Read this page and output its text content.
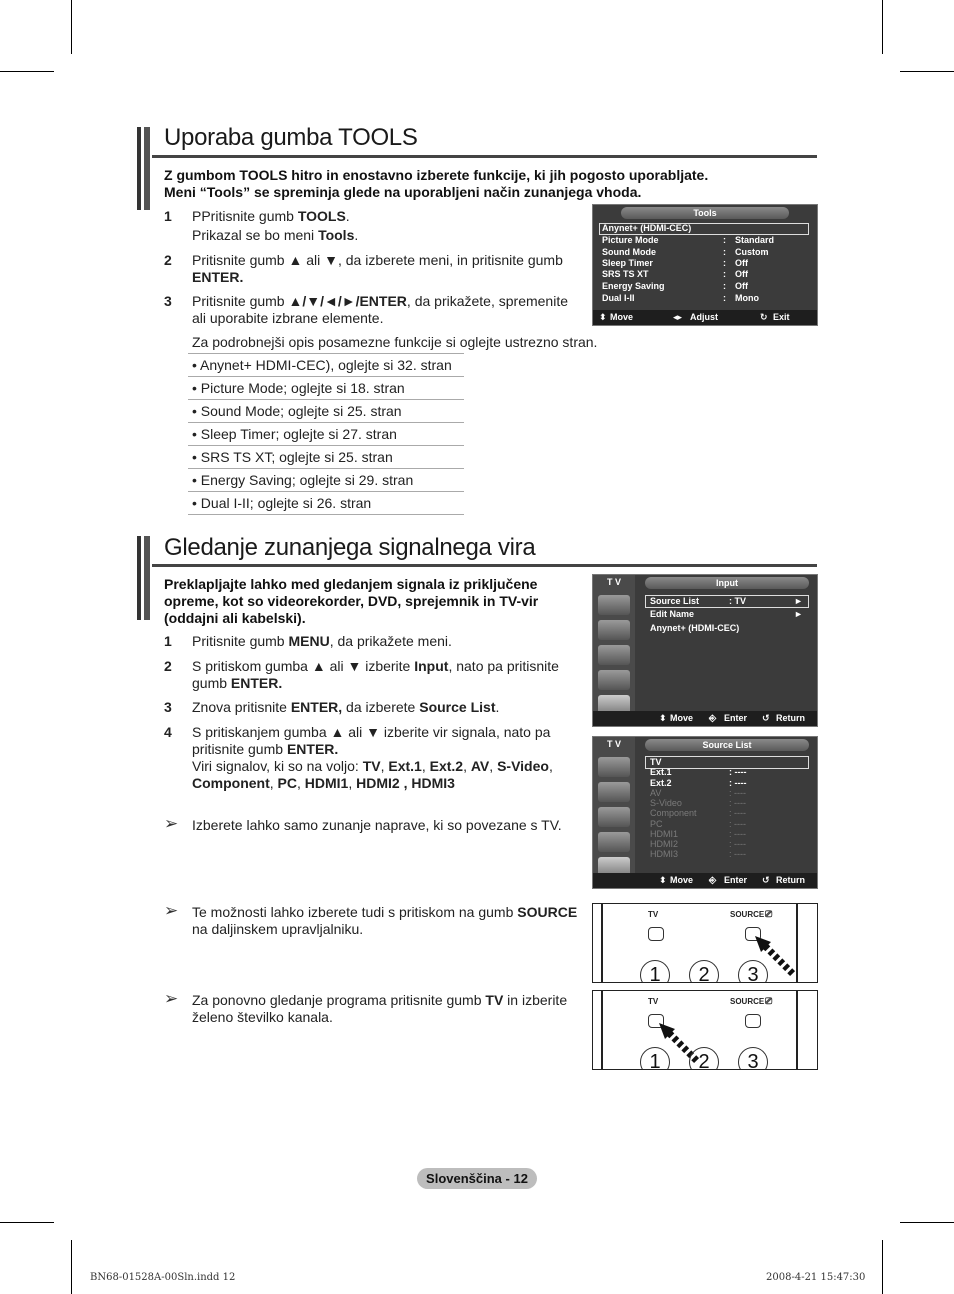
Uporaba gumba TOOLS
Z gumbom TOOLS hitro in enostavno izberete funkcije, ki jih pogosto uporabljate.
Meni “Tools” se spreminja glede na uporabljeni način zunanjega vhoda.
1 PPritisnite gumb TOOLS.
Prikazal se bo meni Tools.
2 Pritisnite gumb ▲ ali ▼, da izberete meni, in pritisnite gumb
ENTER.
3 Pritisnite gumb ▲/▼/◄/►/ENTER, da prikažete, spremenite
ali uporabite izbrane elemente.
Za podrobnejši opis posamezne funkcije si oglejte ustrezno stran.
• Anynet+ HDMI-CEC), oglejte si 32. stran
• Picture Mode; oglejte si 18. stran
• Sound Mode; oglejte si 25. stran
• Sleep Timer; oglejte si 27. stran
• SRS TS XT; oglejte si 25. stran
• Energy Saving; oglejte si 29. stran
• Dual I-II; oglejte si 26. stran
Tools
Anynet+ (HDMI-CEC)
Picture Mode	: Standard
Sound Mode	: Custom
Sleep Timer	: Off
SRS TS XT	: Off
Energy Saving	: Off
Dual I-II	: Mono
⬍ Move	◂▸ Adjust	↻ Exit
Gledanje zunanjega signalnega vira
Preklapljajte lahko med gledanjem signala iz priključene
opreme, kot so videorekorder, DVD, sprejemnik in TV-vir
(oddajni ali kabelski).
1 Pritisnite gumb MENU, da prikažete meni.
2 S pritiskom gumba ▲ ali ▼ izberite Input, nato pa pritisnite
gumb ENTER.
3 Znova pritisnite ENTER, da izberete Source List.
4 S pritiskanjem gumba ▲ ali ▼ izberite vir signala, nato pa
pritisnite gumb ENTER.
Viri signalov, ki so na voljo: TV, Ext.1, Ext.2, AV, S-Video,
Component, PC, HDMI1, HDMI2 , HDMI3
➢ Izberete lahko samo zunanje naprave, ki so povezane s TV.
➢ Te možnosti lahko izberete tudi s pritiskom na gumb SOURCE
na daljinskem upravljalniku.
➢ Za ponovno gledanje programa pritisnite gumb TV in izberite
želeno številko kanala.
T V	Input
Source List	: TV	►
Edit Name	►
Anynet+ (HDMI-CEC)
⬍ Move ⎆ Enter ↺ Return
T V	Source List
TV
Ext.1	: ----
Ext.2	: ----
AV	: ----
S-Video	: ----
Component	: ----
PC	: ----
HDMI1	: ----
HDMI2	: ----
HDMI3	: ----
⬍ Move ⎆ Enter ↺ Return
TV	SOURCE ⎚
1	2	3
TV	SOURCE ⎚
1	2	3
Slovenščina - 12
BN68-01528A-00Sln.indd 12	2008-4-21 15:47:30
